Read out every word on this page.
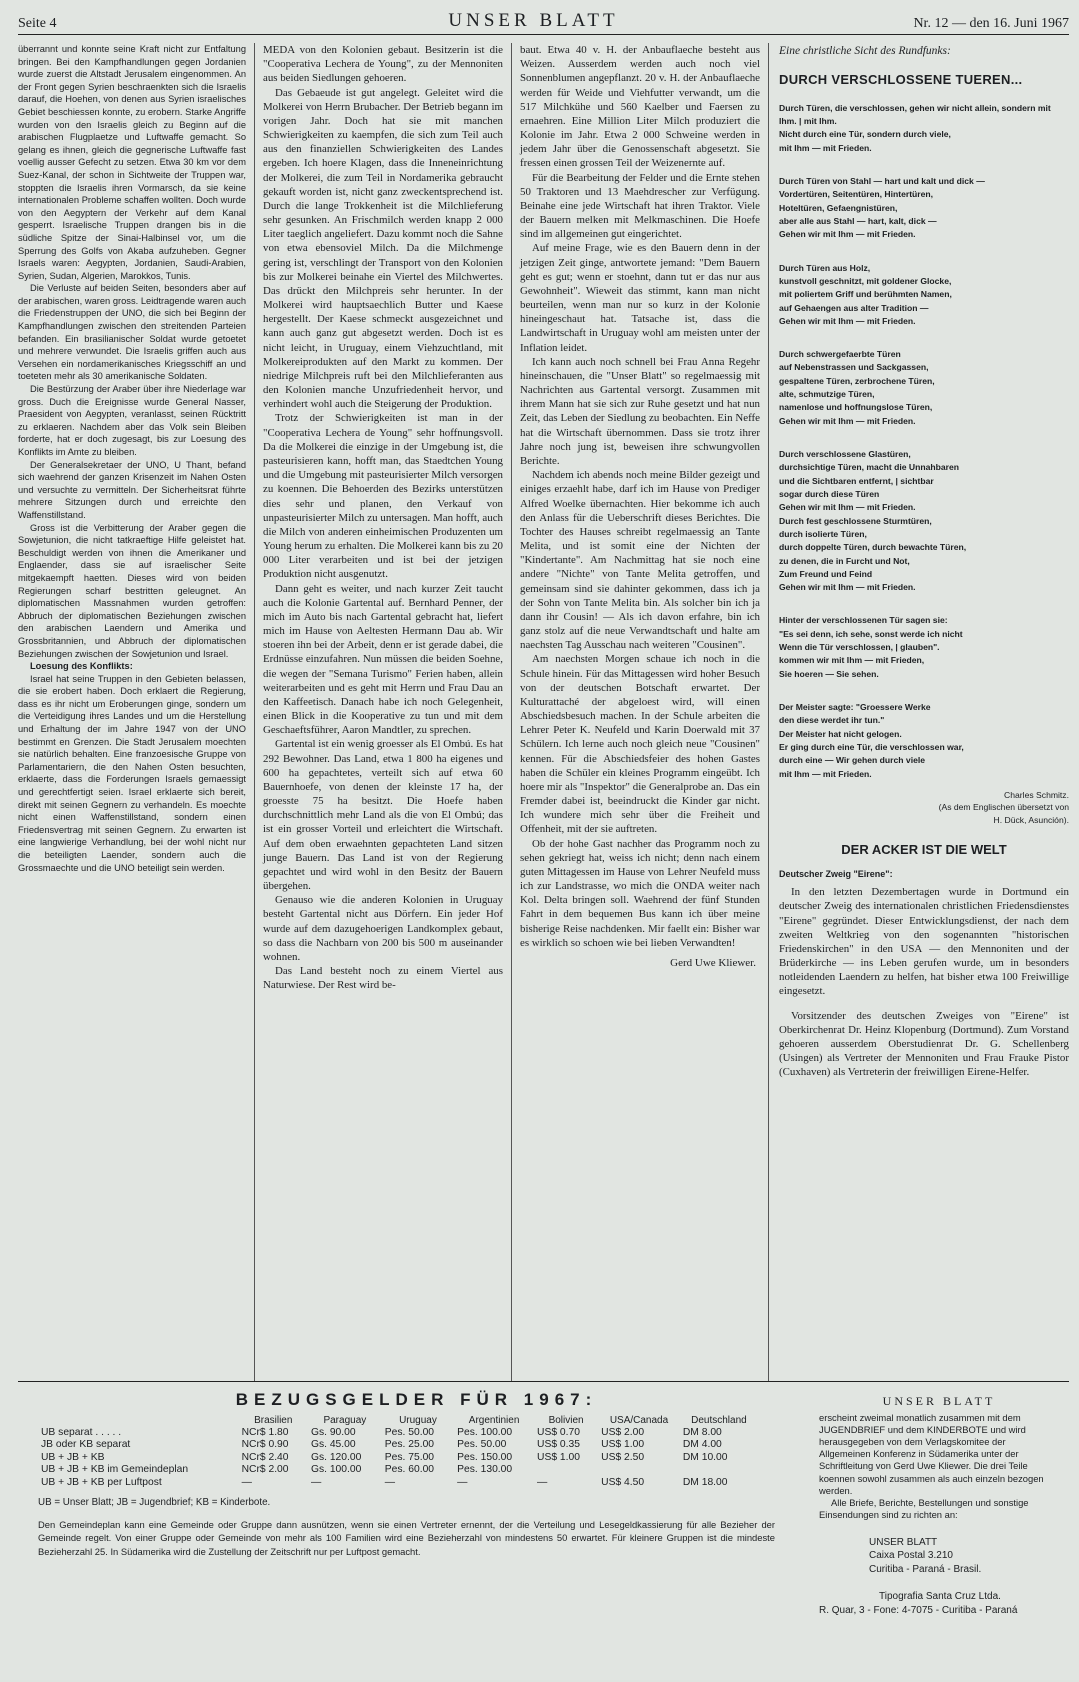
Seite 4	UNSER BLATT	Nr. 12 — den 16. Juni 1967

überrannt und konnte seine Kraft nicht zur Entfaltung bringen. Bei den Kampfhandlungen gegen Jordanien wurde zuerst die Altstadt Jerusalem eingenommen. An der Front gegen Syrien beschraenkten sich die Israelis darauf, die Hoehen, von denen aus Syrien israelisches Gebiet beschiessen konnte, zu erobern. Starke Angriffe wurden von den Israelis gleich zu Beginn auf die arabischen Flugplaetze und Luftwaffe gemacht. So gelang es ihnen, gleich die gegnerische Luftwaffe fast voellig ausser Gefecht zu setzen. Etwa 30 km vor dem Suez-Kanal, der schon in Sichtweite der Truppen war, stoppten die Israelis ihren Vormarsch, da sie keine internationalen Probleme schaffen wollten. Doch wurde von den Aegyptern der Verkehr auf dem Kanal gesperrt. Israelische Truppen drangen bis in die südliche Spitze der Sinai-Halbinsel vor, um die Sperrung des Golfs von Akaba aufzuheben. Gegner Israels waren: Aegypten, Jordanien, Saudi-Arabien, Syrien, Sudan, Algerien, Marokkos, Tunis.

Die Verluste auf beiden Seiten, besonders aber auf der arabischen, waren gross. Leidtragende waren auch die Friedenstruppen der UNO, die sich bei Beginn der Kampfhandlungen zwischen den streitenden Parteien befanden. Ein brasilianischer Soldat wurde getoetet und mehrere verwundet. Die Israelis griffen auch aus Versehen ein nordamerikanisches Kriegsschiff an und toeteten mehr als 30 amerikanische Soldaten.

Die Bestürzung der Araber über ihre Niederlage war gross. Duch die Ereignisse wurde General Nasser, Praesident von Aegypten, veranlasst, seinen Rücktritt zu erklaeren. Nachdem aber das Volk sein Bleiben forderte, hat er doch zugesagt, bis zur Loesung des Konflikts im Amte zu bleiben.

Der Generalsekretaer der UNO, U Thant, befand sich waehrend der ganzen Krisenzeit im Nahen Osten und versuchte zu vermitteln. Der Sicherheitsrat führte mehrere Sitzungen durch und erreichte den Waffenstillstand.

Gross ist die Verbitterung der Araber gegen die Sowjetunion, die nicht tatkraeftige Hilfe geleistet hat. Beschuldigt werden von ihnen die Amerikaner und Englaender, dass sie auf israelischer Seite mitgekaempft haetten. Dieses wird von beiden Regierungen scharf bestritten geleugnet. An diplomatischen Massnahmen wurden getroffen: Abbruch der diplomatischen Beziehungen zwischen den arabischen Laendern und Amerika und Grossbritannien, und Abbruch der diplomatischen Beziehungen zwischen der Sowjetunion und Israel.

Loesung des Konflikts:

Israel hat seine Truppen in den Gebieten belassen, die sie erobert haben. Doch erklaert die Regierung, dass es ihr nicht um Eroberungen ginge, sondern um die Verteidigung ihres Landes und um die Herstellung und Erhaltung der im Jahre 1947 von der UNO bestimmt en Grenzen. Die Stadt Jerusalem moechten sie natürlich behalten. Eine franzoesische Gruppe von Parlamentariern, die den Nahen Osten besuchten, erklaerte, dass die Forderungen Israels gemaessigt und gerechtfertigt seien. Israel erklaerte sich bereit, direkt mit seinen Gegnern zu verhandeln. Es moechte nicht einen Waffenstillstand, sondern einen Friedensvertrag mit seinen Gegnern. Zu erwarten ist eine langwierige Verhandlung, bei der wohl nicht nur die beteiligten Laender, sondern auch die Grossmaechte und die UNO beteiligt sein werden.

MEDA von den Kolonien gebaut. Besitzerin ist die "Cooperativa Lechera de Young", zu der Mennoniten aus beiden Siedlungen gehoeren.

Das Gebaeude ist gut angelegt. Geleitet wird die Molkerei von Herrn Brubacher. Der Betrieb begann im vorigen Jahr. Doch hat sie mit manchen Schwierigkeiten zu kaempfen, die sich zum Teil auch aus den finanziellen Schwierigkeiten des Landes ergeben. Ich hoere Klagen, dass die Inneneinrichtung der Molkerei, die zum Teil in Nordamerika gebraucht gekauft worden ist, nicht ganz zweckentsprechend ist. Durch die lange Trokkenheit ist die Milchlieferung sehr gesunken. An Frischmilch werden knapp 2 000 Liter taeglich angeliefert. Dazu kommt noch die Sahne von etwa ebensoviel Milch. Da die Milchmenge gering ist, verschlingt der Transport von den Kolonien bis zur Molkerei beinahe ein Viertel des Milchwertes. Das drückt den Milchpreis sehr herunter. In der Molkerei wird hauptsaechlich Butter und Kaese hergestellt. Der Kaese schmeckt ausgezeichnet und kann auch ganz gut abgesetzt werden. Doch ist es nicht leicht, in Uruguay, einem Viehzuchtland, mit Molkereiprodukten auf den Markt zu kommen. Der niedrige Milchpreis ruft bei den Milchlieferanten aus den Kolonien manche Unzufriedenheit hervor, und verhindert wohl auch die Steigerung der Produktion.

Trotz der Schwierigkeiten ist man in der "Cooperativa Lechera de Young" sehr hoffnungsvoll. Da die Molkerei die einzige in der Umgebung ist, die pasteurisieren kann, hofft man, das Staedtchen Young und die Umgebung mit pasteurisierter Milch versorgen zu koennen. Die Behoerden des Bezirks unterstützen dies sehr und planen, den Verkauf von unpasteurisierter Milch zu untersagen. Man hofft, auch die Milch von anderen einheimischen Produzenten um Young herum zu erhalten. Die Molkerei kann bis zu 20 000 Liter verarbeiten und ist bei der jetzigen Produktion nicht ausgenutzt.

Dann geht es weiter, und nach kurzer Zeit taucht auch die Kolonie Gartental auf. Bernhard Penner, der mich im Auto bis nach Gartental gebracht hat, liefert mich im Hause von Aeltesten Hermann Dau ab. Wir stoeren ihn bei der Arbeit, denn er ist gerade dabei, die Erdnüsse einzufahren. Nun müssen die beiden Soehne, die wegen der "Semana Turismo" Ferien haben, allein weiterarbeiten und es geht mit Herrn und Frau Dau an den Kaffeetisch. Danach habe ich noch Gelegenheit, einen Blick in die Kooperative zu tun und mit dem Geschaeftsführer, Aaron Mandtler, zu sprechen.

Gartental ist ein wenig groesser als El Ombú. Es hat 292 Bewohner. Das Land, etwa 1 800 ha eigenes und 600 ha gepachtetes, verteilt sich auf etwa 60 Bauernhoefe, von denen der kleinste 17 ha, der groesste 75 ha besitzt. Die Hoefe haben durchschnittlich mehr Land als die von El Ombú; das ist ein grosser Vorteil und erleichtert die Wirtschaft. Auf dem oben erwaehnten gepachteten Land sitzen junge Bauern. Das Land ist von der Regierung gepachtet und wird wohl in den Besitz der Bauern übergehen.

Genauso wie die anderen Kolonien in Uruguay besteht Gartental nicht aus Dörfern. Ein jeder Hof wurde auf dem dazugehoerigen Landkomplex gebaut, so dass die Nachbarn von 200 bis 500 m auseinander wohnen.

Das Land besteht noch zu einem Viertel aus Naturwiese. Der Rest wird be-

baut. Etwa 40 v. H. der Anbauflaeche besteht aus Weizen. Ausserdem werden auch noch viel Sonnenblumen angepflanzt. 20 v. H. der Anbauflaeche werden für Weide und Viehfutter verwandt, um die 517 Milchkühe und 560 Kaelber und Faersen zu ernaehren. Eine Million Liter Milch produziert die Kolonie im Jahr. Etwa 2 000 Schweine werden in jedem Jahr über die Genossenschaft abgesetzt. Sie fressen einen grossen Teil der Weizenernte auf.

Für die Bearbeitung der Felder und die Ernte stehen 50 Traktoren und 13 Maehdrescher zur Verfügung. Beinahe eine jede Wirtschaft hat ihren Traktor. Viele der Bauern melken mit Melkmaschinen. Die Hoefe sind im allgemeinen gut eingerichtet.

Auf meine Frage, wie es den Bauern denn in der jetzigen Zeit ginge, antwortete jemand: "Dem Bauern geht es gut; wenn er stoehnt, dann tut er das nur aus Gewohnheit". Wieweit das stimmt, kann man nicht beurteilen, wenn man nur so kurz in der Kolonie hineingeschaut hat. Tatsache ist, dass die Landwirtschaft in Uruguay wohl am meisten unter der Inflation leidet.

Ich kann auch noch schnell bei Frau Anna Regehr hineinschauen, die "Unser Blatt" so regelmaessig mit Nachrichten aus Gartental versorgt. Zusammen mit ihrem Mann hat sie sich zur Ruhe gesetzt und hat nun Zeit, das Leben der Siedlung zu beobachten. Ein Neffe hat die Wirtschaft übernommen. Dass sie trotz ihrer Jahre noch jung ist, beweisen ihre schwungvollen Berichte.

Nachdem ich abends noch meine Bilder gezeigt und einiges erzaehlt habe, darf ich im Hause von Prediger Alfred Woelke übernachten. Hier bekomme ich auch den Anlass für die Ueberschrift dieses Berichtes. Die Tochter des Hauses schreibt regelmaessig an Tante Melita, und ist somit eine der Nichten der "Kindertante". Am Nachmittag hat sie noch eine andere "Nichte" von Tante Melita getroffen, und gemeinsam sind sie dahinter gekommen, dass ich ja der Sohn von Tante Melita bin. Als solcher bin ich ja dann ihr Cousin! — Als ich davon erfahre, bin ich ganz stolz auf die neue Verwandtschaft und halte am naechsten Tag Ausschau nach weiteren "Cousinen".

Am naechsten Morgen schaue ich noch in die Schule hinein. Für das Mittagessen wird hoher Besuch von der deutschen Botschaft erwartet. Der Kulturattaché der abgeloest wird, will einen Abschiedsbesuch machen. In der Schule arbeiten die Lehrer Peter K. Neufeld und Karin Doerwald mit 37 Schülern. Ich lerne auch noch gleich neue "Cousinen" kennen. Für die Abschiedsfeier des hohen Gastes haben die Schüler ein kleines Programm eingeübt. Ich hoere mir als "Inspektor" die Generalprobe an. Das ein Fremder dabei ist, beeindruckt die Kinder gar nicht. Ich wundere mich sehr über die Freiheit und Offenheit, mit der sie auftreten.

Ob der hohe Gast nachher das Programm noch zu sehen gekriegt hat, weiss ich nicht; denn nach einem guten Mittagessen im Hause von Lehrer Neufeld muss ich zur Landstrasse, wo mich die ONDA weiter nach Kol. Delta bringen soll. Waehrend der fünf Stunden Fahrt in dem bequemen Bus kann ich über meine bisherige Reise nachdenken. Mir faellt ein: Bisher war es wirklich so schoen wie bei lieben Verwandten!

Gerd Uwe Kliewer.
Eine christliche Sicht des Rundfunks:
DURCH VERSCHLOSSENE TUEREN...
Durch Türen, die verschlossen, gehen wir nicht allein, sondern mit Ihm. | mit Ihm.
Nicht durch eine Tür, sondern durch viele,
mit Ihm — mit Frieden.
Durch Türen von Stahl — hart und kalt und dick —
Vordertüren, Seitentüren, Hintertüren,
Hoteltüren, Gefaengnistüren,
aber alle aus Stahl — hart, kalt, dick —
Gehen wir mit Ihm — mit Frieden.
Durch Türen aus Holz,
kunstvoll geschnitzt, mit goldener Glocke,
mit poliertem Griff und berühmten Namen,
auf Gehaengen aus alter Tradition —
Gehen wir mit Ihm — mit Frieden.
Durch schwergefaerbte Türen
auf Nebenstrassen und Sackgassen,
gespaltene Türen, zerbrochene Türen,
alte, schmutzige Türen,
namenlose und hoffnungslose Türen,
Gehen wir mit Ihm — mit Frieden.
Durch verschlossene Glastüren,
durchsichtige Türen, macht die Unnahbaren
und die Sichtbaren entfernt, | sichtbar
sogar durch diese Türen
Gehen wir mit Ihm — mit Frieden.
Durch fest geschlossene Sturmtüren,
durch isolierte Türen,
durch doppelte Türen, durch bewachte Türen,
zu denen, die in Furcht und Not,
Zum Freund und Feind
Gehen wir mit Ihm — mit Frieden.
Hinter der verschlossenen Tür sagen sie:
"Es sei denn, ich sehe, sonst werde ich nicht
Wenn die Tür verschlossen, | glauben".
kommen wir mit Ihm — mit Frieden,
Sie hoeren — Sie sehen.
Der Meister sagte: "Groessere Werke
den diese werdet ihr tun."
Der Meister hat nicht gelogen.
Er ging durch eine Tür, die verschlossen war,
durch eine — Wir gehen durch viele
mit Ihm — mit Frieden.
Charles Schmitz.
(As dem Englischen übersetzt von
H. Dück, Asunción).
DER ACKER IST DIE WELT
Deutscher Zweig "Eirene":

In den letzten Dezembertagen wurde in Dortmund ein deutscher Zweig des internationalen christlichen Friedensdienstes "Eirene" gegründet. Dieser Entwicklungsdienst, der nach dem zweiten Weltkrieg von den sogenannten "historischen Friedenskirchen" in den USA — den Mennoniten und der Brüderkirche — ins Leben gerufen wurde, um in besonders notleidenden Laendern zu helfen, hat bisher etwa 100 Freiwillige eingesetzt.

Vorsitzender des deutschen Zweiges von "Eirene" ist Oberkirchenrat Dr. Heinz Klopenburg (Dortmund). Zum Vorstand gehoeren ausserdem Oberstudienrat Dr. G. Schellenberg (Usingen) als Vertreter der Mennoniten und Frau Frauke Pistor (Cuxhaven) als Vertreterin der freiwilligen Eirene-Helfer.

BEZUGSGELDER FÜR 1967:
	Brasilien	Paraguay	Uruguay	Argentinien	Bolivien	USA/Canada	Deutschland
UB separat . . . . .	NCr$ 1.80	Gs. 90.00	Pes. 50.00	Pes. 100.00	US$ 0.70	US$ 2.00	DM 8.00
JB oder KB separat	NCr$ 0.90	Gs. 45.00	Pes. 25.00	Pes. 50.00	US$ 0.35	US$ 1.00	DM 4.00
UB + JB + KB	NCr$ 2.40	Gs. 120.00	Pes. 75.00	Pes. 150.00	US$ 1.00	US$ 2.50	DM 10.00
UB + JB + KB im Gemeindeplan	NCr$ 2.00	Gs. 100.00	Pes. 60.00	Pes. 130.00			
UB + JB + KB per Luftpost	—	—	—	—	—	US$ 4.50	DM 18.00
UB = Unser Blatt; JB = Jugendbrief; KB = Kinderbote.
Den Gemeindeplan kann eine Gemeinde oder Gruppe dann ausnützen, wenn sie einen Vertreter ernennt, der die Verteilung und Lesegeldkassierung für alle Bezieher der Gemeinde regelt. Von einer Gruppe oder Gemeinde von mehr als 100 Familien wird eine Bezieherzahl von mindestens 50 erwartet. Für kleinere Gruppen ist die mindeste Bezieherzahl 25. In Südamerika wird die Zustellung der Zeitschrift nur per Luftpost gemacht.
UNSER BLATT

erscheint zweimal monatlich zusammen mit dem JUGENDBRIEF und dem KINDERBOTE und wird herausgegeben von dem Verlagskomitee der Allgemeinen Konferenz in Südamerika unter der Schriftleitung von Gerd Uwe Kliewer. Die drei Teile koennen sowohl zusammen als auch einzeln bezogen werden.

Alle Briefe, Berichte, Bestellungen und sonstige Einsendungen sind zu richten an:

UNSER BLATT
Caixa Postal 3.210
Curitiba - Paraná - Brasil.
Tipografia Santa Cruz Ltda.
R. Quar, 3 - Fone: 4-7075 - Curitiba - Paraná
